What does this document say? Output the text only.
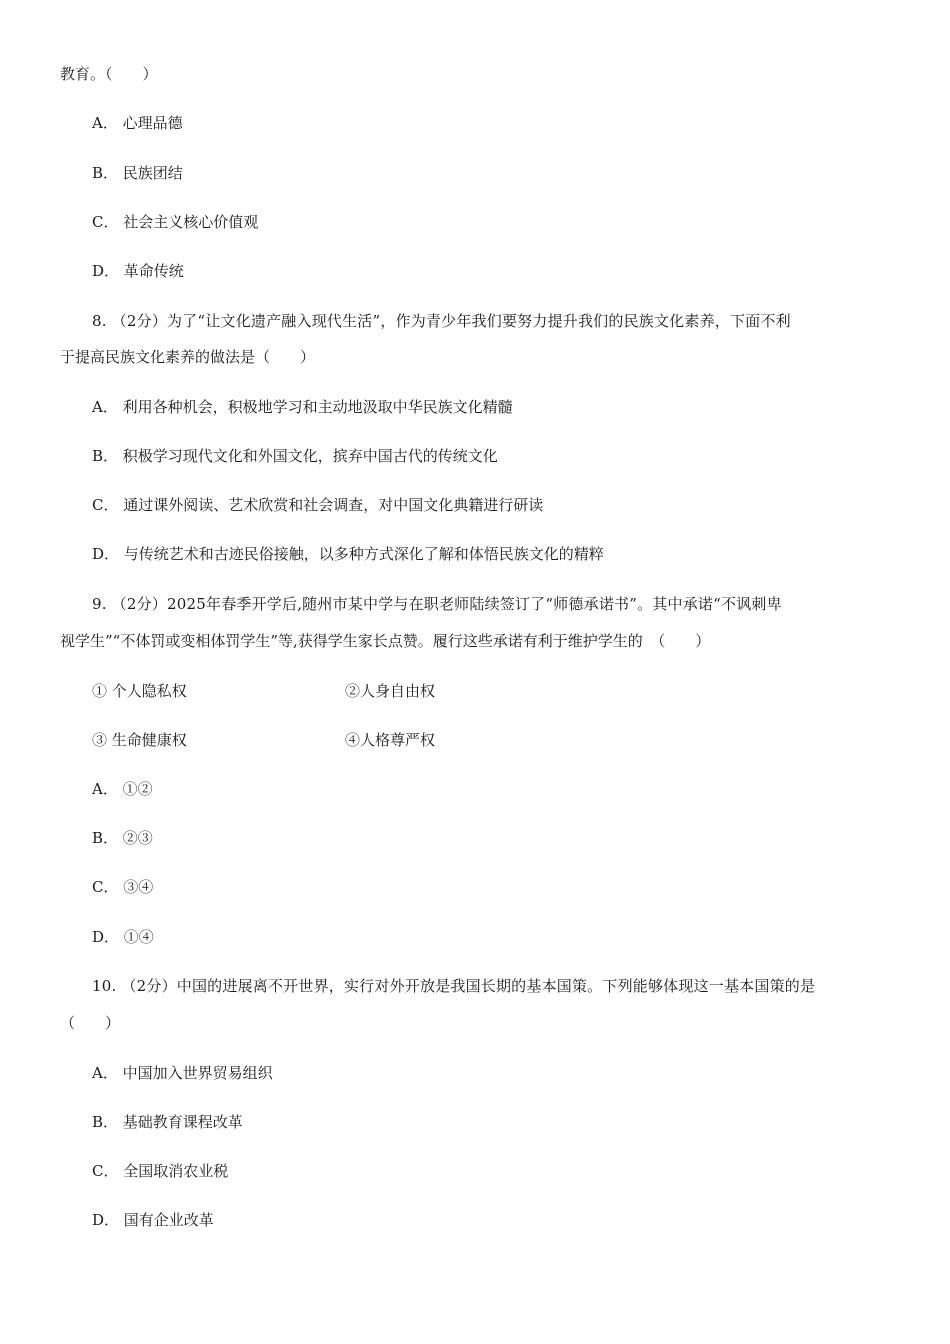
教育。（　　）
A． 心理品德
B． 民族团结
C． 社会主义核心价值观
D． 革命传统
8. （2分）为了“让文化遗产融入现代生活”，作为青少年我们要努力提升我们的民族文化素养，下面不利
于提高民族文化素养的做法是（　　）
A． 利用各种机会，积极地学习和主动地汲取中华民族文化精髓
B． 积极学习现代文化和外国文化，摈弃中国古代的传统文化
C． 通过课外阅读、艺术欣赏和社会调查，对中国文化典籍进行研读
D． 与传统艺术和古迹民俗接触，以多种方式深化了解和体悟民族文化的精粹
9. （2分）2025年春季开学后,随州市某中学与在职老师陆续签订了“师德承诺书”。其中承诺“不讽刺卑
视学生”“不体罚或变相体罚学生”等,获得学生家长点赞。履行这些承诺有利于维护学生的　（　　）
① 个人隐私权	②人身自由权
③ 生命健康权	④人格尊严权
A． ①②
B． ②③
C． ③④
D． ①④
10. （2分）中国的进展离不开世界，实行对外开放是我国长期的基本国策。下列能够体现这一基本国策的是
（　　）
A． 中国加入世界贸易组织
B． 基础教育课程改革
C． 全国取消农业税
D． 国有企业改革
